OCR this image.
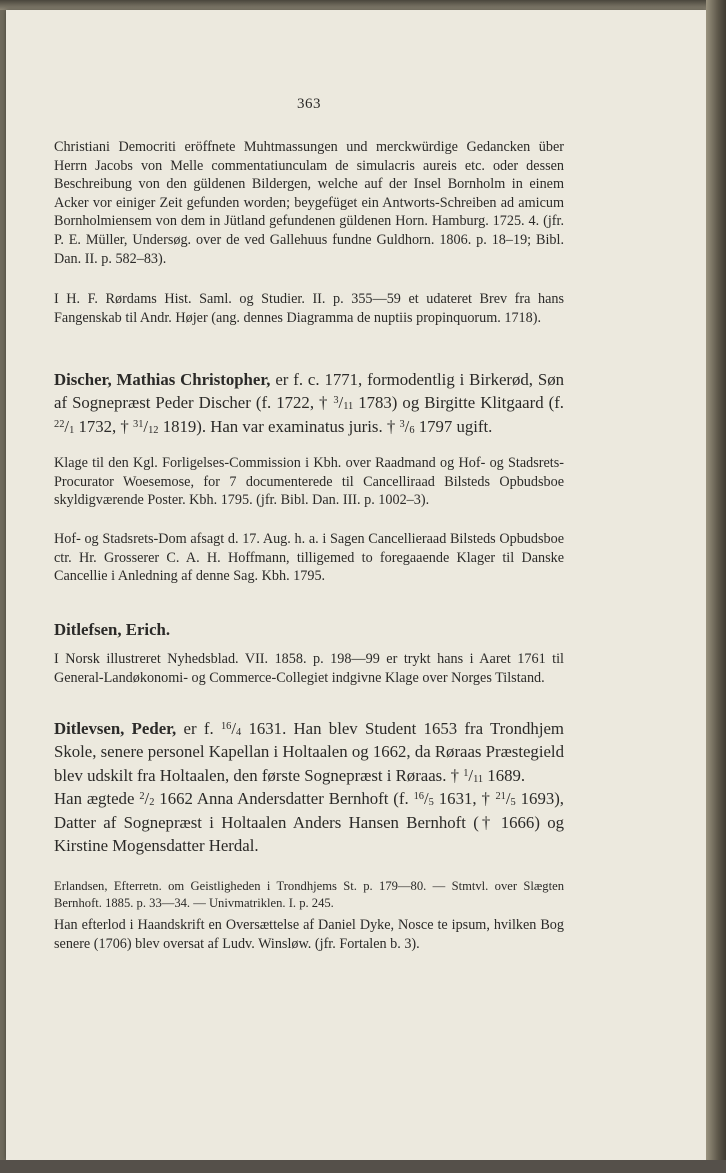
363

Christiani Democriti eröffnete Muhtmassungen und merckwürdige Gedancken über Herrn Jacobs von Melle commentatiunculam de simulacris aureis etc. oder dessen Beschreibung von den güldenen Bildergen, welche auf der Insel Bornholm in einem Acker vor einiger Zeit gefunden worden; beygefüget ein Antworts-Schreiben ad amicum Bornholmiensem von dem in Jütland gefundenen güldenen Horn. Hamburg. 1725. 4. (jfr. P. E. Müller, Undersøg. over de ved Gallehuus fundne Guldhorn. 1806. p. 18–19; Bibl. Dan. II. p. 582–83).

I H. F. Rørdams Hist. Saml. og Studier. II. p. 355—59 et udateret Brev fra hans Fangenskab til Andr. Højer (ang. dennes Diagramma de nuptiis propinquorum. 1718).

Discher, Mathias Christopher, er f. c. 1771, formodentlig i Birkerød, Søn af Sognepræst Peder Discher (f. 1722, † $^3/_{11}$ 1783) og Birgitte Klitgaard (f. $^{22}/_1$ 1732, † $^{31}/_{12}$ 1819). Han var examinatus juris. † $^3/_6$ 1797 ugift.

Klage til den Kgl. Forligelses-Commission i Kbh. over Raadmand og Hof- og Stadsrets-Procurator Woesemose, for 7 documenterede til Cancelliraad Bilsteds Opbudsboe skyldigværende Poster. Kbh. 1795. (jfr. Bibl. Dan. III. p. 1002–3).

Hof- og Stadsrets-Dom afsagt d. 17. Aug. h. a. i Sagen Cancellieraad Bilsteds Opbudsboe ctr. Hr. Grosserer C. A. H. Hoffmann, tilligemed to foregaaende Klager til Danske Cancellie i Anledning af denne Sag. Kbh. 1795.

Ditlefsen, Erich.

I Norsk illustreret Nyhedsblad. VII. 1858. p. 198—99 er trykt hans i Aaret 1761 til General-Landøkonomi- og Commerce-Collegiet indgivne Klage over Norges Tilstand.

Ditlevsen, Peder, er f. $^{16}/_4$ 1631. Han blev Student 1653 fra Trondhjem Skole, senere personel Kapellan i Holtaalen og 1662, da Røraas Præstegield blev udskilt fra Holtaalen, den første Sognepræst i Røraas. † $^1/_{11}$ 1689.

Han ægtede $^2/_2$ 1662 Anna Andersdatter Bernhoft (f. $^{16}/_5$ 1631, † $^{21}/_5$ 1693), Datter af Sognepræst i Holtaalen Anders Hansen Bernhoft († 1666) og Kirstine Mogensdatter Herdal.

Erlandsen, Efterretn. om Geistligheden i Trondhjems St. p. 179—80. — Stmtvl. over Slægten Bernhoft. 1885. p. 33—34. — Univmatriklen. I. p. 245.

Han efterlod i Haandskrift en Oversættelse af Daniel Dyke, Nosce te ipsum, hvilken Bog senere (1706) blev oversat af Ludv. Winsløw. (jfr. Fortalen b. 3).
